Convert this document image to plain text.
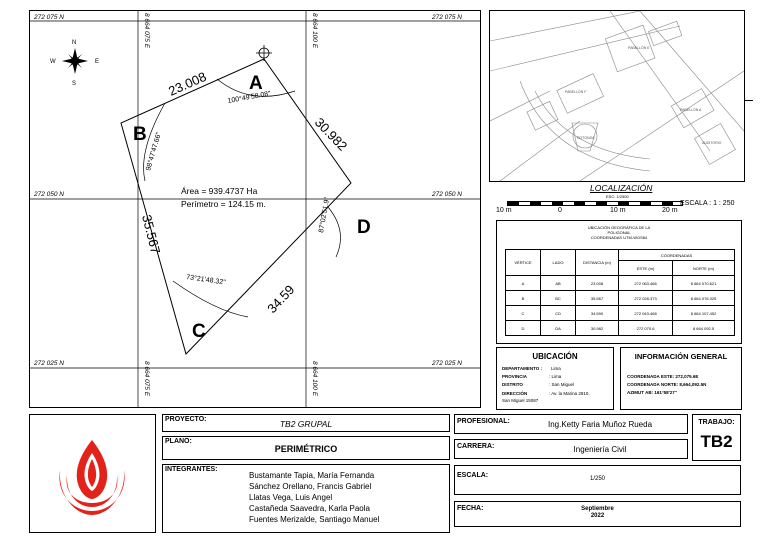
272 075 N	272 075 N
272 050 N	272 050 N
272 025 N	272 025 N
8 664 075 E	8 664 100 E
8 664 075 E	8 664 100 E
N
S
E
W
A
B
C
D
23.008
30.982
35.567
34.59
100°49'58.08"
98°47'47.66"
73°21'48.32"
87°02'51.9"
Área = 939.4737 Ha
Perímetro = 124.15 m.
PABELLÓN E
PABELLÓN A
PABELLÓN F
ROTONDA
AUDITORIO
LOCALIZACIÓN
ESC: 1/2500
10 m	0	10 m	20 m
ESCALA : 1 : 250
UBICACIÓN GEOGRÁFICA DE LA
POLIGONAL
COORDENADAS UTM-WGS84
VÉRTICE	LADO	DISTANCIA (m)	COORDENADAS	
			ESTE (m)	NORTE (m)
A	AB	23.008	272 063.466	8 664 070.621
B	BC	35.567	272 028.373	8 664 076.325
C	CD	34.590	272 043.468	8 664 107.452
D	DA	30.982	272 070.6	8 664 092.5
UBICACIÓN
DEPARTAMENTO : Lima
PROVINCIA	: Lima
DISTRITO	: San Miguel
DIRECCIÓN	: Av. la Marina 2810,
San Miguel 15087
INFORMACIÓN GENERAL
COORDENADA ESTE: 272,075.6E
COORDENADA NORTE: 8,664,092.5N
AZIMUT AB: 161°58'27"
PROYECTO:	TB2 GRUPAL
PLANO:
PERIMÉTRICO
INTEGRANTES:
Bustamante Tapia, María Fernanda
Sánchez Orellano, Francis Gabriel
Llatas Vega, Luis Angel
Castañeda Saavedra, Karla Paola
Fuentes Merizalde, Santiago Manuel
PROFESIONAL:	Ing.Ketty Faria Muñoz Rueda
CARRERA:	Ingeniería Civil
TRABAJO:
TB2
ESCALA:	1/250
FECHA:	Septiembre
2022
